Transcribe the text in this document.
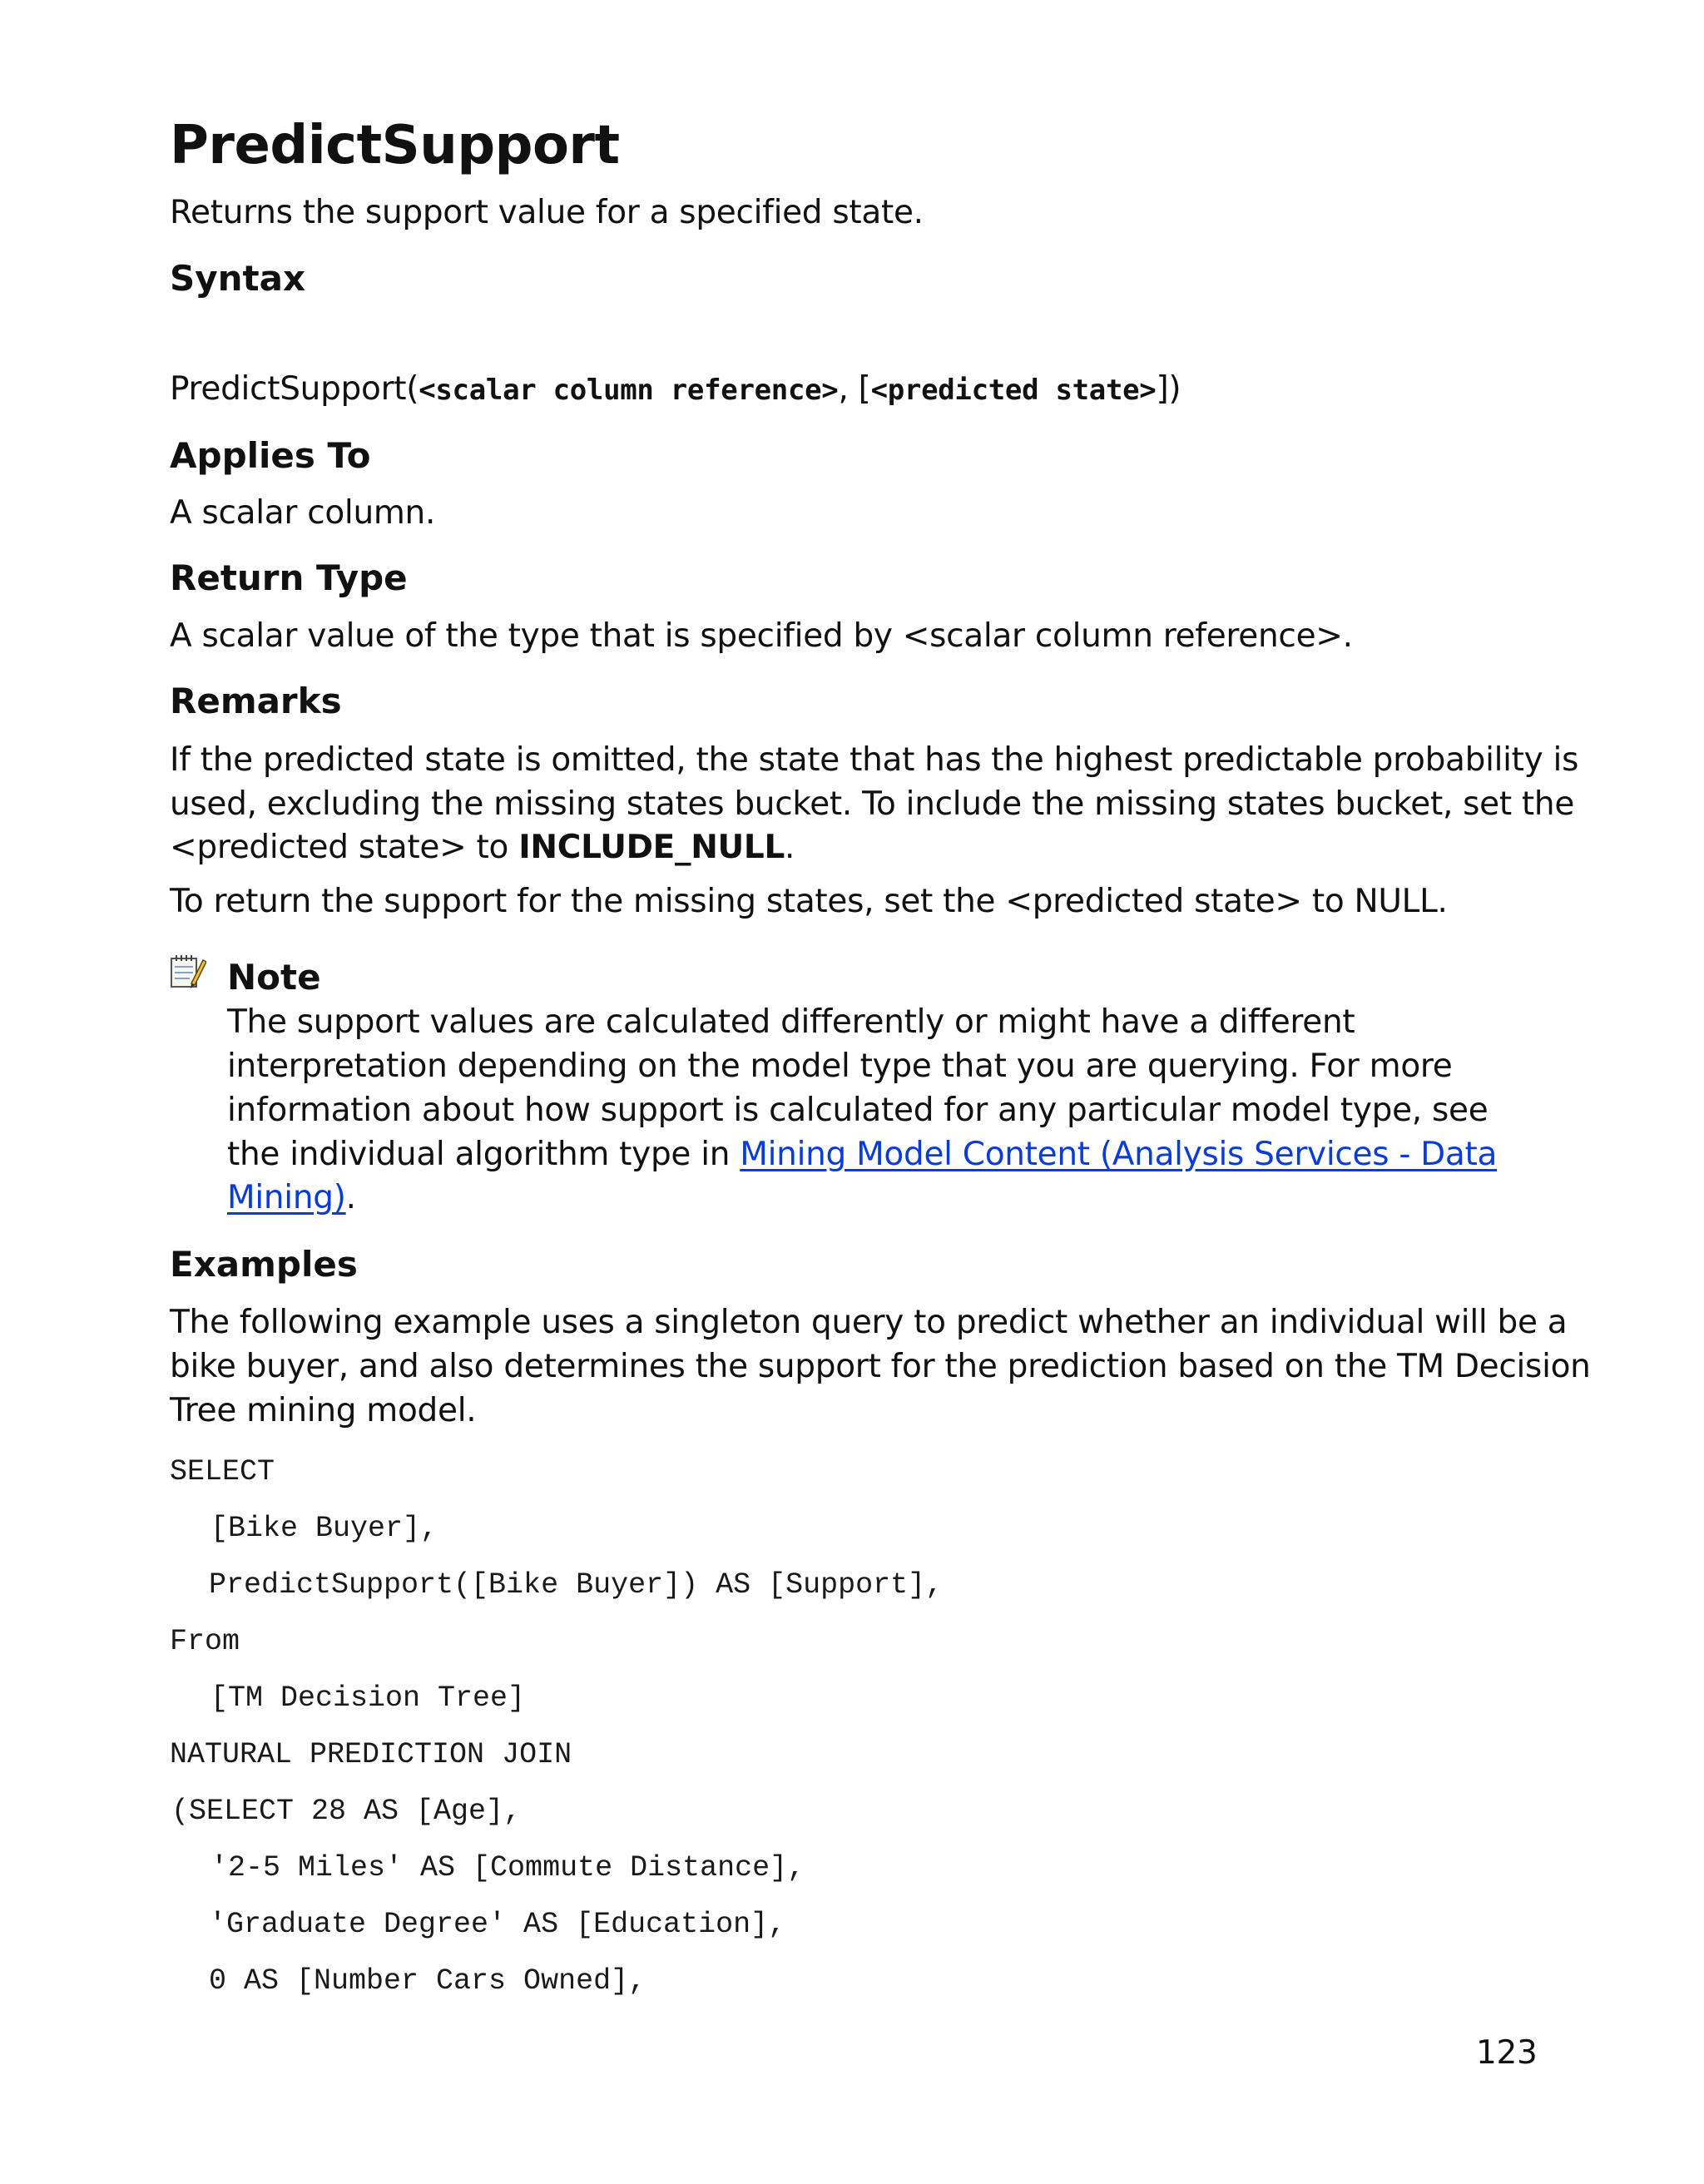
PredictSupport
Returns the support value for a specified state.
Syntax
PredictSupport(<scalar column reference>, [<predicted state>])
Applies To
A scalar column.
Return Type
A scalar value of the type that is specified by <scalar column reference>.
Remarks
If the predicted state is omitted, the state that has the highest predictable probability is
used, excluding the missing states bucket. To include the missing states bucket, set the
<predicted state> to INCLUDE_NULL.
To return the support for the missing states, set the <predicted state> to NULL.
Note
The support values are calculated differently or might have a different
interpretation depending on the model type that you are querying. For more
information about how support is calculated for any particular model type, see
the individual algorithm type in Mining Model Content (Analysis Services - Data
Mining).
Examples
The following example uses a singleton query to predict whether an individual will be a
bike buyer, and also determines the support for the prediction based on the TM Decision
Tree mining model.
SELECT
[Bike Buyer],
PredictSupport([Bike Buyer]) AS [Support],
From
[TM Decision Tree]
NATURAL PREDICTION JOIN
(SELECT 28 AS [Age],
'2-5 Miles' AS [Commute Distance],
'Graduate Degree' AS [Education],
0 AS [Number Cars Owned],
123
